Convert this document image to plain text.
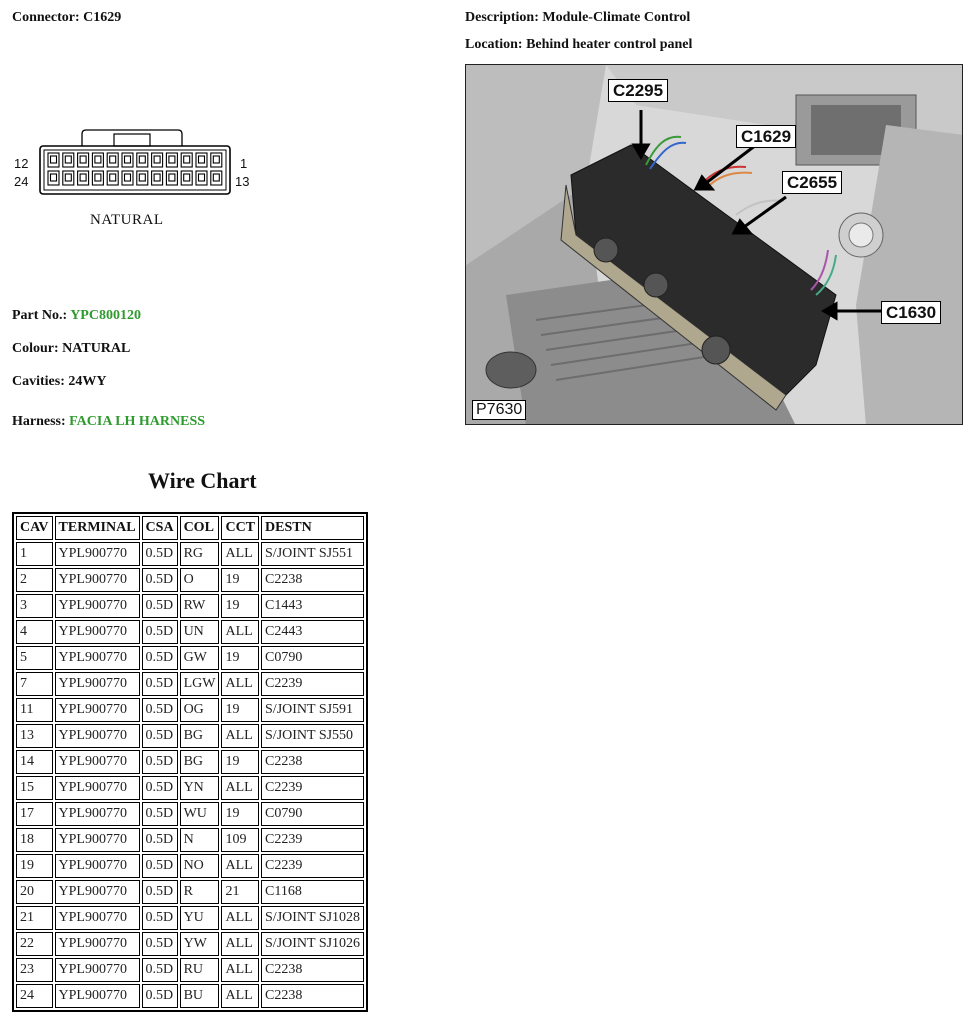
Connector: C1629	Description: Module-Climate Control
Location: Behind heater control panel
12	1
24	13
NATURAL
Part No.: YPC800120
Colour: NATURAL
Cavities: 24WY
Harness: FACIA LH HARNESS
C2295
C1629
C2655
C1630
P7630
Wire Chart
CAV	TERMINAL	CSA	COL	CCT	DESTN
1	YPL900770	0.5D	RG	ALL	S/JOINT SJ551
2	YPL900770	0.5D	O	19	C2238
3	YPL900770	0.5D	RW	19	C1443
4	YPL900770	0.5D	UN	ALL	C2443
5	YPL900770	0.5D	GW	19	C0790
7	YPL900770	0.5D	LGW	ALL	C2239
11	YPL900770	0.5D	OG	19	S/JOINT SJ591
13	YPL900770	0.5D	BG	ALL	S/JOINT SJ550
14	YPL900770	0.5D	BG	19	C2238
15	YPL900770	0.5D	YN	ALL	C2239
17	YPL900770	0.5D	WU	19	C0790
18	YPL900770	0.5D	N	109	C2239
19	YPL900770	0.5D	NO	ALL	C2239
20	YPL900770	0.5D	R	21	C1168
21	YPL900770	0.5D	YU	ALL	S/JOINT SJ1028
22	YPL900770	0.5D	YW	ALL	S/JOINT SJ1026
23	YPL900770	0.5D	RU	ALL	C2238
24	YPL900770	0.5D	BU	ALL	C2238
